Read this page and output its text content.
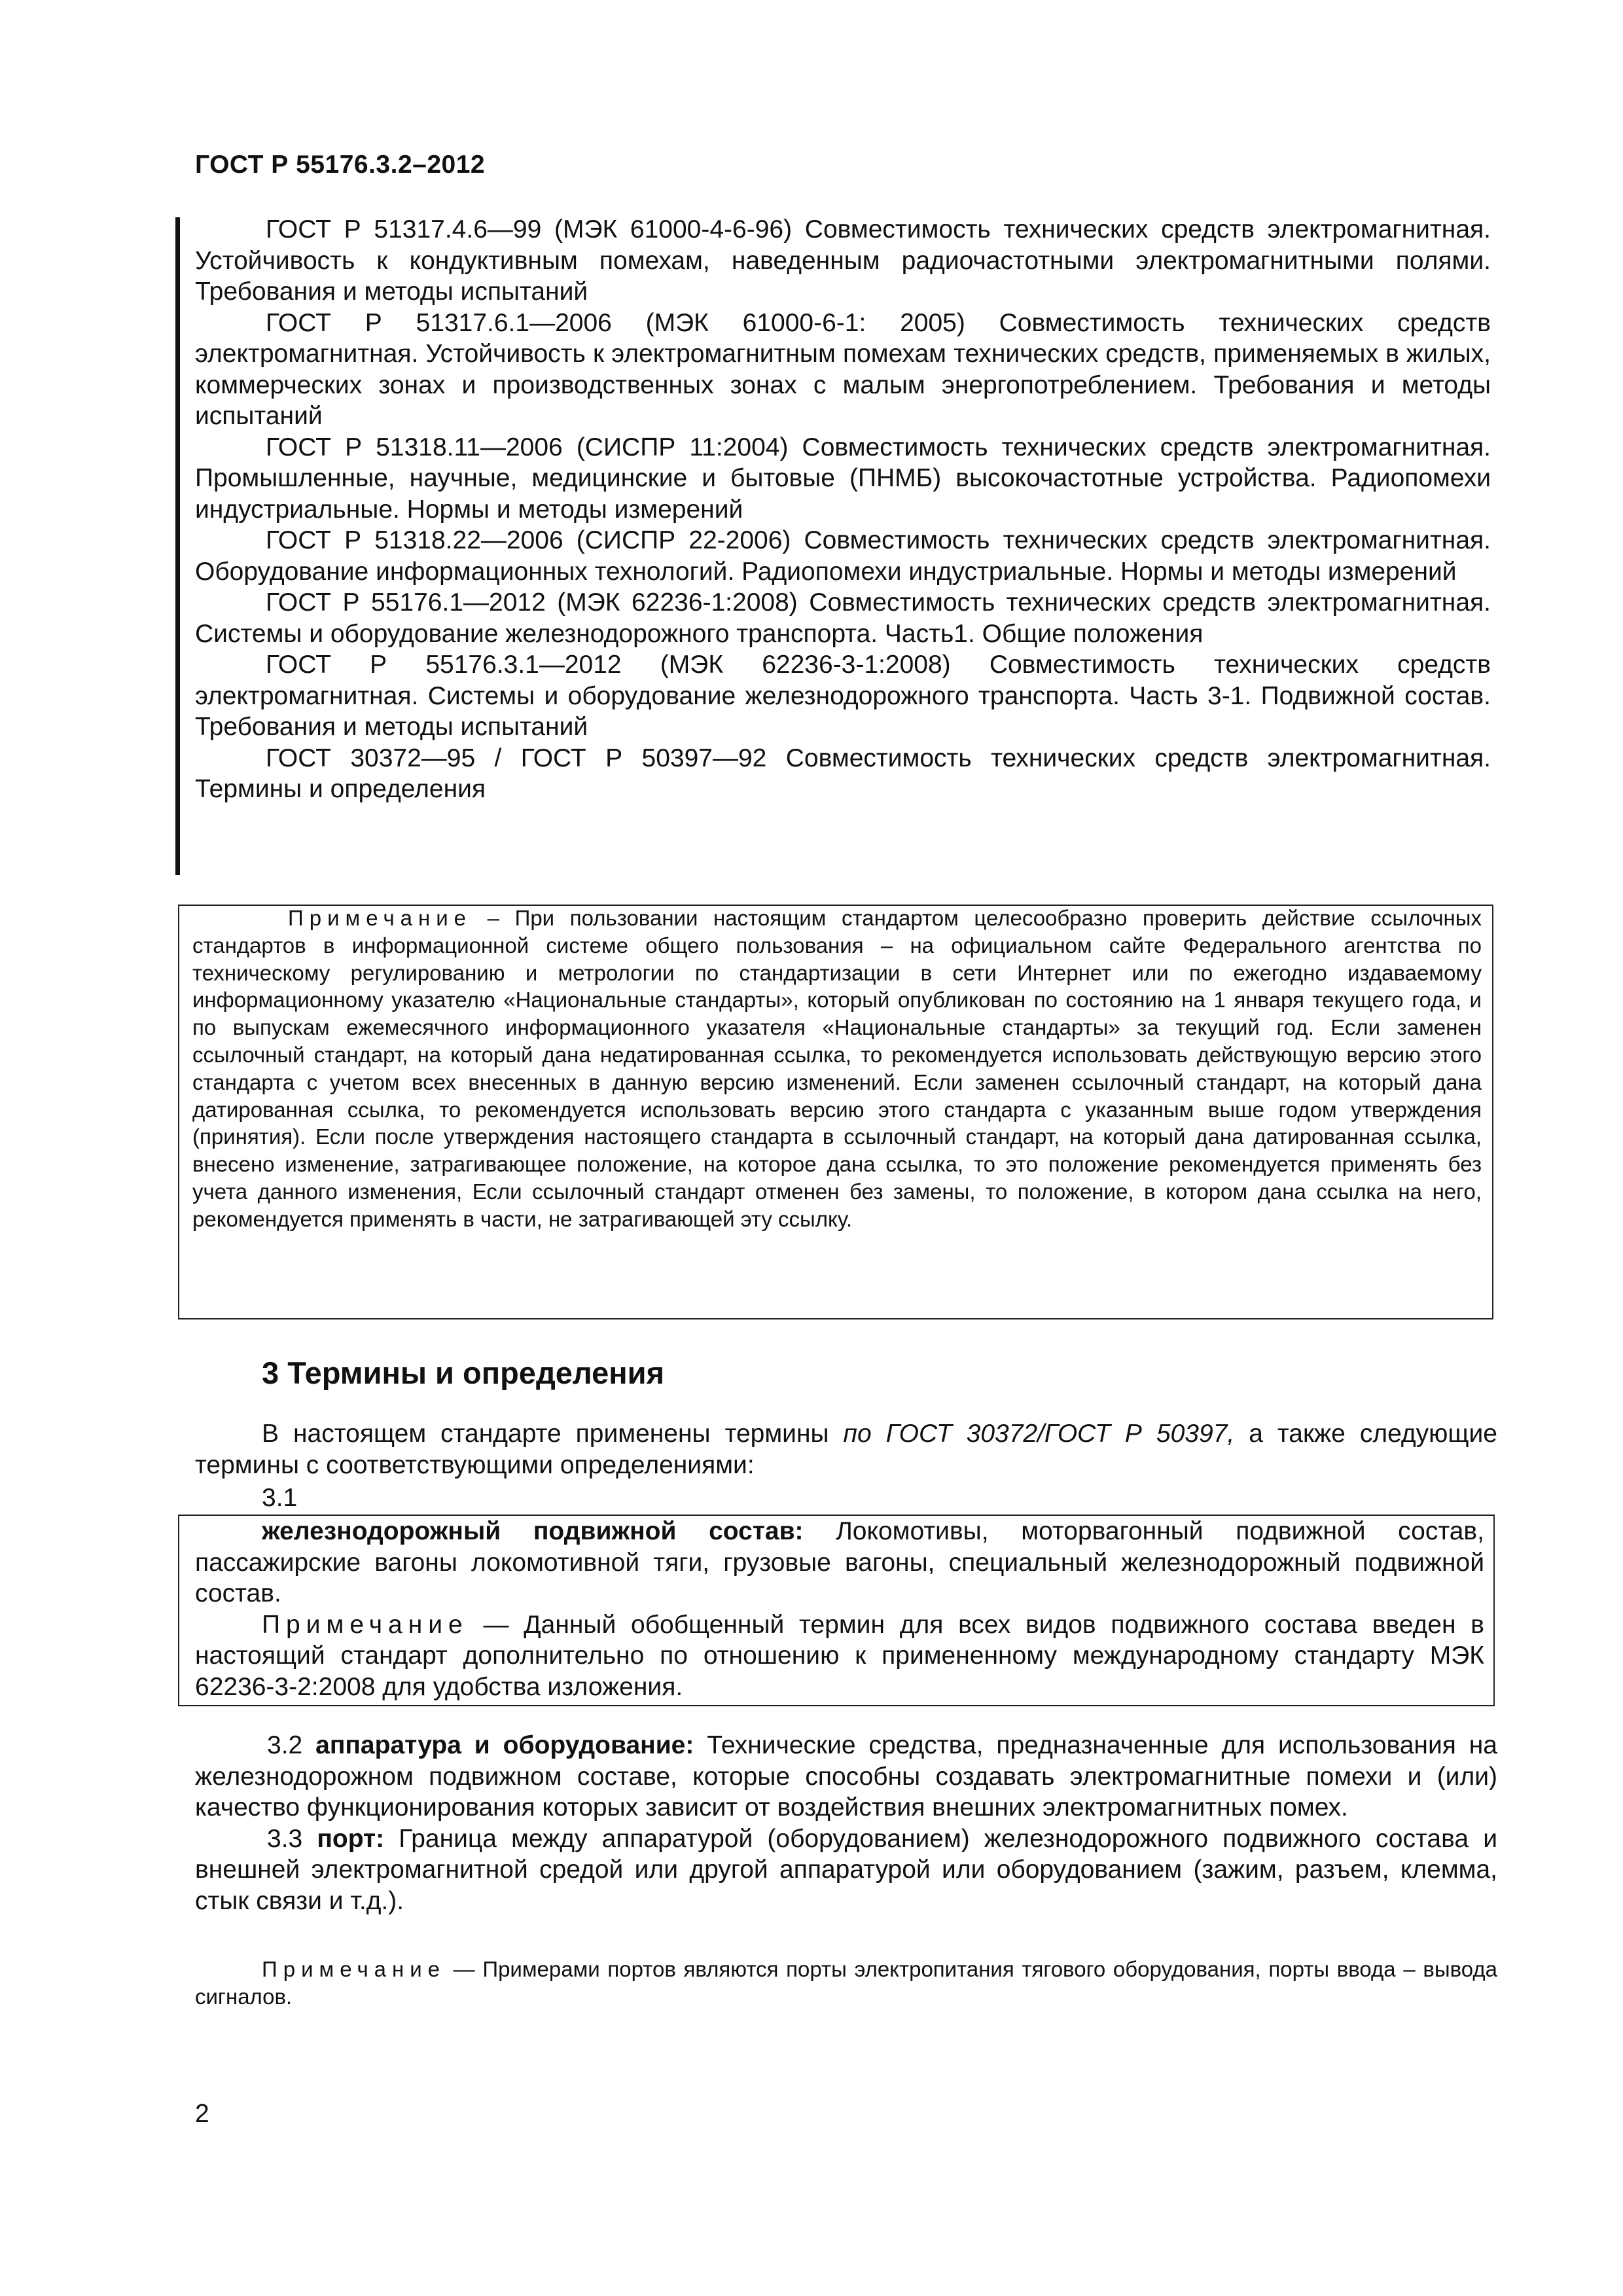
ГОСТ Р 55176.3.2–2012

ГОСТ Р 51317.4.6—99 (МЭК 61000-4-6-96) Совместимость технических средств электромагнитная. Устойчивость к кондуктивным помехам, наведенным радиочастотными электромагнитными полями. Требования и методы испытаний

ГОСТ Р 51317.6.1—2006 (МЭК 61000-6-1: 2005) Совместимость технических средств электромагнитная. Устойчивость к электромагнитным помехам технических средств, применяемых в жилых, коммерческих зонах и производственных зонах с малым энергопотреблением. Требования и методы испытаний

ГОСТ Р 51318.11—2006 (СИСПР 11:2004) Совместимость технических средств электромагнитная. Промышленные, научные, медицинские и бытовые (ПНМБ) высокочастотные устройства. Радиопомехи индустриальные. Нормы и методы измерений

ГОСТ Р 51318.22—2006 (СИСПР 22-2006) Совместимость технических средств электромагнитная. Оборудование информационных технологий. Радиопомехи индустриальные. Нормы и методы измерений

ГОСТ Р 55176.1—2012 (МЭК 62236-1:2008) Совместимость технических средств электромагнитная. Системы и оборудование железнодорожного транспорта. Часть1. Общие положения

ГОСТ Р 55176.3.1—2012 (МЭК 62236-3-1:2008) Совместимость технических средств электромагнитная. Системы и оборудование железнодорожного транспорта. Часть 3-1. Подвижной состав. Требования и методы испытаний

ГОСТ 30372—95 / ГОСТ Р 50397—92 Совместимость технических средств электромагнитная. Термины и определения

Примечание – При пользовании настоящим стандартом целесообразно проверить действие ссылочных стандартов в информационной системе общего пользования – на официальном сайте Федерального агентства по техническому регулированию и метрологии по стандартизации в сети Интернет или по ежегодно издаваемому информационному указателю «Национальные стандарты», который опубликован по состоянию на 1 января текущего года, и по выпускам ежемесячного информационного указателя «Национальные стандарты» за текущий год. Если заменен ссылочный стандарт, на который дана недатированная ссылка, то рекомендуется использовать действующую версию этого стандарта с учетом всех внесенных в данную версию изменений. Если заменен ссылочный стандарт, на который дана датированная ссылка, то рекомендуется использовать версию этого стандарта с указанным выше годом утверждения (принятия). Если после утверждения настоящего стандарта в ссылочный стандарт, на который дана датированная ссылка, внесено изменение, затрагивающее положение, на которое дана ссылка, то это положение рекомендуется применять без учета данного изменения, Если ссылочный стандарт отменен без замены, то положение, в котором дана ссылка на него, рекомендуется применять в части, не затрагивающей эту ссылку.

3 Термины и определения

В настоящем стандарте применены термины по ГОСТ 30372/ГОСТ Р 50397, а также следующие термины с соответствующими определениями:

3.1

железнодорожный подвижной состав: Локомотивы, моторвагонный подвижной состав, пассажирские вагоны локомотивной тяги, грузовые вагоны, специальный железнодорожный подвижной состав.

Примечание — Данный обобщенный термин для всех видов подвижного состава введен в настоящий стандарт дополнительно по отношению к примененному международному стандарту МЭК 62236-3-2:2008 для удобства изложения.

3.2 аппаратура и оборудование: Технические средства, предназначенные для использования на железнодорожном подвижном составе, которые способны создавать электромагнитные помехи и (или) качество функционирования которых зависит от воздействия внешних электромагнитных помех.

3.3 порт: Граница между аппаратурой (оборудованием) железнодорожного подвижного состава и внешней электромагнитной средой или другой аппаратурой или оборудованием (зажим, разъем, клемма, стык связи и т.д.).

Примечание — Примерами портов являются порты электропитания тягового оборудования, порты ввода – вывода сигналов.

2
